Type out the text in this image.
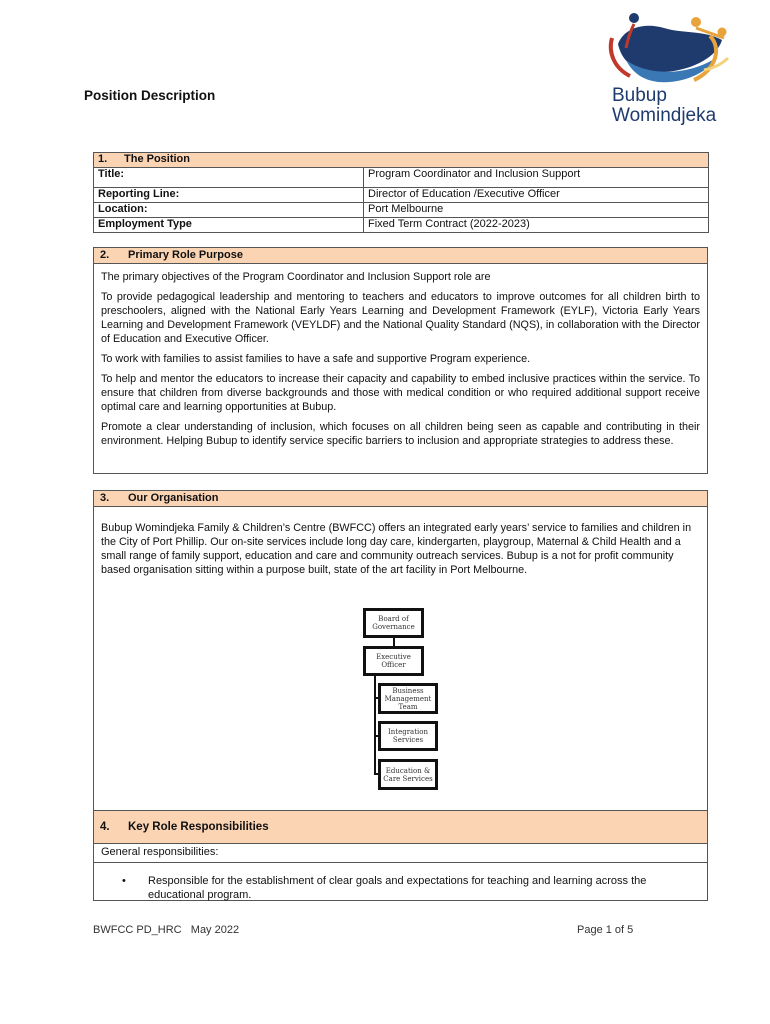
Position Description	Bubup
Womindjeka
1. The Position	
Title:	Program Coordinator and Inclusion Support
Reporting Line:	Director of Education /Executive Officer
Location:	Port Melbourne
Employment Type	Fixed Term Contract (2022-2023)
2. Primary Role Purpose

The primary objectives of the Program Coordinator and Inclusion Support role are

To provide pedagogical leadership and mentoring to teachers and educators to improve outcomes for all children birth to preschoolers, aligned with the National Early Years Learning and Development Framework (EYLF), Victoria Early Years Learning and Development Framework (VEYLDF) and the National Quality Standard (NQS), in collaboration with the Director of Education and Executive Officer.

To work with families to assist families to have a safe and supportive Program experience.

To help and mentor the educators to increase their capacity and capability to embed inclusive practices within the service. To ensure that children from diverse backgrounds and those with medical condition or who required additional support receive optimal care and learning opportunities at Bubup.

Promote a clear understanding of inclusion, which focuses on all children being seen as capable and contributing in their environment. Helping Bubup to identify service specific barriers to inclusion and appropriate strategies to address these.

3. Our Organisation

Bubup Womindjeka Family & Children’s Centre (BWFCC) offers an integrated early years’ service to families and children in the City of Port Phillip. Our on-site services include long day care, kindergarten, playgroup, Maternal & Child Health and a small range of family support, education and care and community outreach services. Bubup is a not for profit community based organisation sitting within a purpose built, state of the art facility in Port Melbourne.

Board of Governance
Executive Officer
Business Management Team
Integration Services
Education & Care Services
4. Key Role Responsibilities
General responsibilities:
• Responsible for the establishment of clear goals and expectations for teaching and learning across the educational program.
BWFCC PD_HRC   May 2022	Page 1 of 5
